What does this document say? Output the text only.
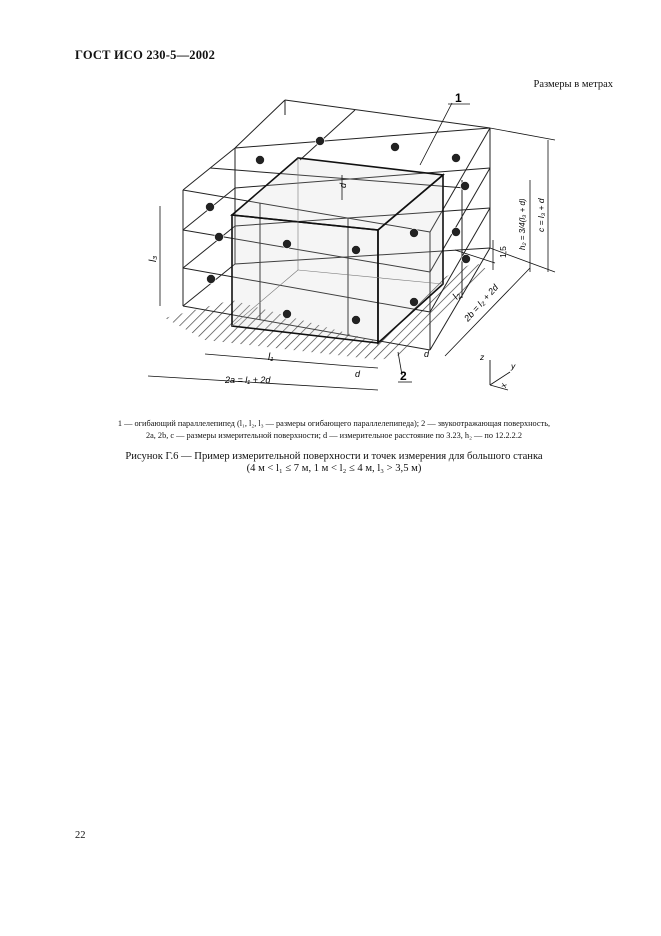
ГОСТ ИСО 230-5—2002
Размеры в метрах
1
2
l₁
2a = l₁ + 2d
d
d
l₃
d
l₂
2b = l₂ + 2d
1,5
h₂ = 3/4(l₃ + d) c = l₃ + d
z
y
x
1 — огибающий параллелепипед (l₁, l₂, l₃ — размеры огибающего параллелепипеда); 2 — звукоотражающая поверхность,
2a, 2b, c — размеры измерительной поверхности; d — измерительное расстояние по 3.23, h₂ — по 12.2.2.2
Рисунок Г.6 — Пример измерительной поверхности и точек измерения для большого станка
(4 м < l₁ ≤ 7 м, 1 м < l₂ ≤ 4 м, l₃ > 3,5 м)
22
